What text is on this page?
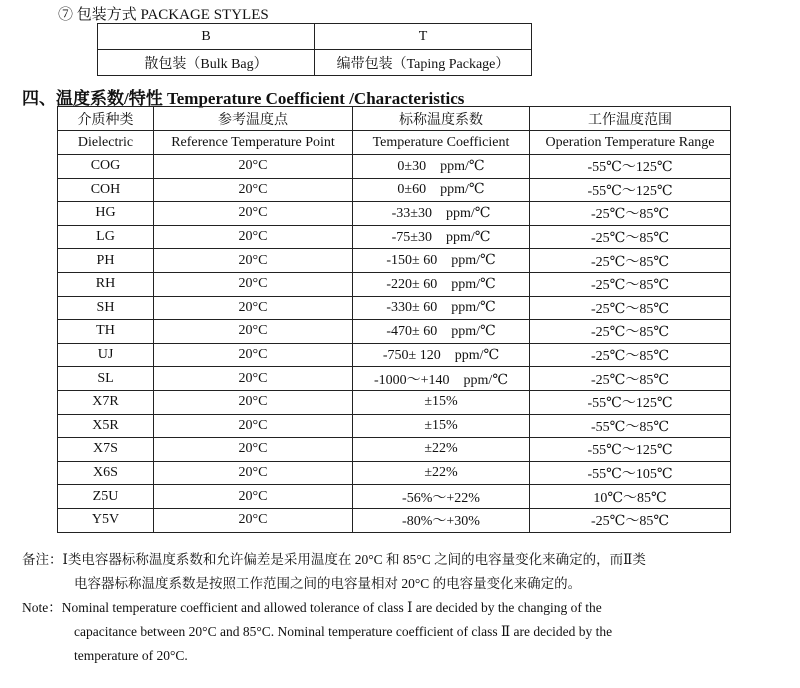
⑦ 包装方式 PACKAGE STYLES
B	T
散包装（Bulk Bag）	编带包装（Taping Package）
四、温度系数/特性 Temperature Coefficient /Characteristics
介质种类	参考温度点	标称温度系数	工作温度范围
Dielectric	Reference Temperature Point	Temperature Coefficient	Operation Temperature Range
COG	20°C	0±30 ppm/℃	-55℃～125℃
COH	20°C	0±60 ppm/℃	-55℃～125℃
HG	20°C	-33±30 ppm/℃	-25℃～85℃
LG	20°C	-75±30 ppm/℃	-25℃～85℃
PH	20°C	-150± 60 ppm/℃	-25℃～85℃
RH	20°C	-220± 60 ppm/℃	-25℃～85℃
SH	20°C	-330± 60 ppm/℃	-25℃～85℃
TH	20°C	-470± 60 ppm/℃	-25℃～85℃
UJ	20°C	-750± 120 ppm/℃	-25℃～85℃
SL	20°C	-1000～+140 ppm/℃	-25℃～85℃
X7R	20°C	±15%	-55℃～125℃
X5R	20°C	±15%	-55℃～85℃
X7S	20°C	±22%	-55℃～125℃
X6S	20°C	±22%	-55℃～105℃
Z5U	20°C	-56%～+22%	10℃～85℃
Y5V	20°C	-80%～+30%	-25℃～85℃
备注：Ⅰ类电容器标称温度系数和允许偏差是采用温度在 20°C 和 85°C 之间的电容量变化来确定的，而Ⅱ类
电容器标称温度系数是按照工作范围之间的电容量相对 20°C 的电容量变化来确定的。
Note：Nominal temperature coefficient and allowed tolerance of class Ⅰ are decided by the changing of the
capacitance between 20°C and 85°C. Nominal temperature coefficient of class Ⅱ are decided by the
temperature of 20°C.
